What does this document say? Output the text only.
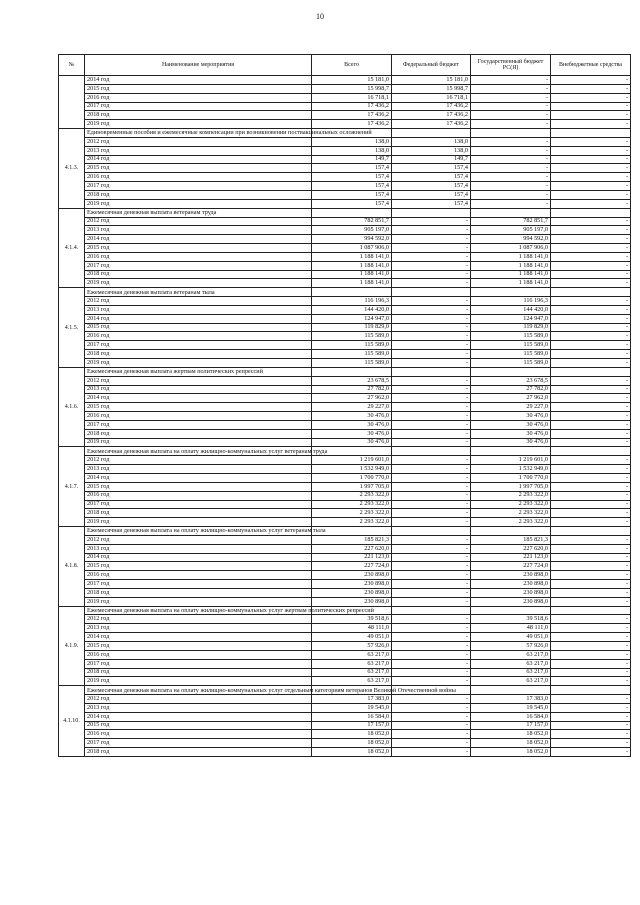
10
№	Наименование мероприятия	Всего	Федеральный бюджет	Государственный бюджет РС(Я)	Внебюджетные средства
	2014 год	15 181,0	15 181,0	-	-
	2015 год	15 998,7	15 998,7	-	-
	2016 год	16 718,1	16 718,1	-	-
	2017 год	17 436,2	17 436,2	-	-
	2018 год	17 436,2	17 436,2	-	-
	2019 год	17 436,2	17 436,2	-	-
4.1.3.	Единовременные пособия и ежемесячные компенсации при возникновении поствакцинальных осложнений				
	2012 год	138,0	138,0	-	-
	2013 год	138,0	138,0	-	-
	2014 год	149,7	149,7	-	-
	2015 год	157,4	157,4	-	-
	2016 год	157,4	157,4	-	-
	2017 год	157,4	157,4	-	-
	2018 год	157,4	157,4	-	-
	2019 год	157,4	157,4	-	-
4.1.4.	Ежемесячная денежная выплата ветеранам труда				
	2012 год	782 851,7	-	782 851,7	-
	2013 год	905 197,0	-	905 197,0	-
	2014 год	994 592,0	-	994 592,0	-
	2015 год	1 087 906,0	-	1 087 906,0	-
	2016 год	1 188 141,0	-	1 188 141,0	-
	2017 год	1 188 141,0	-	1 188 141,0	-
	2018 год	1 188 141,0	-	1 188 141,0	-
	2019 год	1 188 141,0	-	1 188 141,0	-
4.1.5.	Ежемесячная денежная выплата ветеранам тыла				
	2012 год	116 196,3	-	116 196,3	-
	2013 год	144 420,0	-	144 420,0	-
	2014 год	124 947,0	-	124 947,0	-
	2015 год	119 829,0	-	119 829,0	-
	2016 год	115 589,0	-	115 589,0	-
	2017 год	115 589,0	-	115 589,0	-
	2018 год	115 589,0	-	115 589,0	-
	2019 год	115 589,0	-	115 589,0	-
4.1.6.	Ежемесячная денежная выплата жертвам политических репрессий				
	2012 год	23 678,5	-	23 678,5	-
	2013 год	27 782,0	-	27 782,0	-
	2014 год	27 962,0	-	27 962,0	-
	2015 год	29 227,0	-	29 227,0	-
	2016 год	30 476,0	-	30 476,0	-
	2017 год	30 476,0	-	30 476,0	-
	2018 год	30 476,0	-	30 476,0	-
	2019 год	30 476,0	-	30 476,0	-
4.1.7.	Ежемесячная денежная выплата на оплату жилищно-коммунальных услуг ветеранам труда				
	2012 год	1 219 601,0	-	1 219 601,0	-
	2013 год	1 532 949,0	-	1 532 949,0	-
	2014 год	1 700 770,0	-	1 700 770,0	-
	2015 год	1 997 705,0	-	1 997 705,0	-
	2016 год	2 293 322,0	-	2 293 322,0	-
	2017 год	2 293 322,0	-	2 293 322,0	-
	2018 год	2 293 322,0	-	2 293 322,0	-
	2019 год	2 293 322,0	-	2 293 322,0	-
4.1.8.	Ежемесячная денежная выплата на оплату жилищно-коммунальных услуг ветеранам тыла				
	2012 год	185 821,3	-	185 821,3	-
	2013 год	227 620,0	-	227 620,0	-
	2014 год	221 123,0	-	221 123,0	-
	2015 год	227 724,0	-	227 724,0	-
	2016 год	230 898,0	-	230 898,0	-
	2017 год	230 898,0	-	230 898,0	-
	2018 год	230 898,0	-	230 898,0	-
	2019 год	230 898,0	-	230 898,0	-
4.1.9.	Ежемесячная денежная выплата на оплату жилищно-коммунальных услуг жертвам политических репрессий				
	2012 год	39 518,6	-	39 518,6	-
	2013 год	48 111,0	-	48 111,0	-
	2014 год	49 051,0	-	49 051,0	-
	2015 год	57 926,0	-	57 926,0	-
	2016 год	63 217,0	-	63 217,0	-
	2017 год	63 217,0	-	63 217,0	-
	2018 год	63 217,0	-	63 217,0	-
	2019 год	63 217,0	-	63 217,0	-
4.1.10.	Ежемесячная денежная выплата на оплату жилищно-коммунальных услуг отдельным категориям ветеранов Великой Отечественной войны				
	2012 год	17 383,0	-	17 383,0	-
	2013 год	19 545,0	-	19 545,0	-
	2014 год	16 584,0	-	16 584,0	-
	2015 год	17 157,0	-	17 157,0	-
	2016 год	18 052,0	-	18 052,0	-
	2017 год	18 052,0	-	18 052,0	-
	2018 год	18 052,0	-	18 052,0	-
